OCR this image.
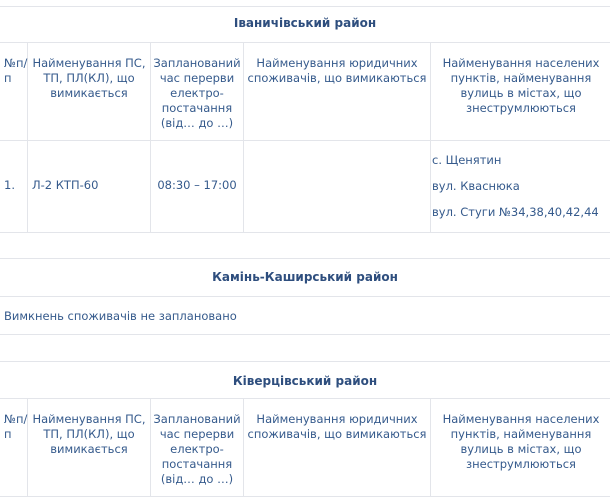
Іваничівський район
№п/п
Найменування ПС, ТП, ПЛ(КЛ), що вимикається
Запланований час перерви електро-постачання (від… до …)
Найменування юридичних споживачів, що вимикаються
Найменування населених пунктів, найменування вулиць в містах, що знеструмлюються
1. Л-2 КТП-60	08:30 – 17:00
с. Щенятин
вул. Кваснюка
вул. Стуги №34,38,40,42,44
Камінь-Каширський район
Вимкнень споживачів не заплановано
Ківерцівський район
№п/п
Найменування ПС, ТП, ПЛ(КЛ), що вимикається
Запланований час перерви електро-постачання (від… до …)
Найменування юридичних споживачів, що вимикаються
Найменування населених пунктів, найменування вулиць в містах, що знеструмлюються
